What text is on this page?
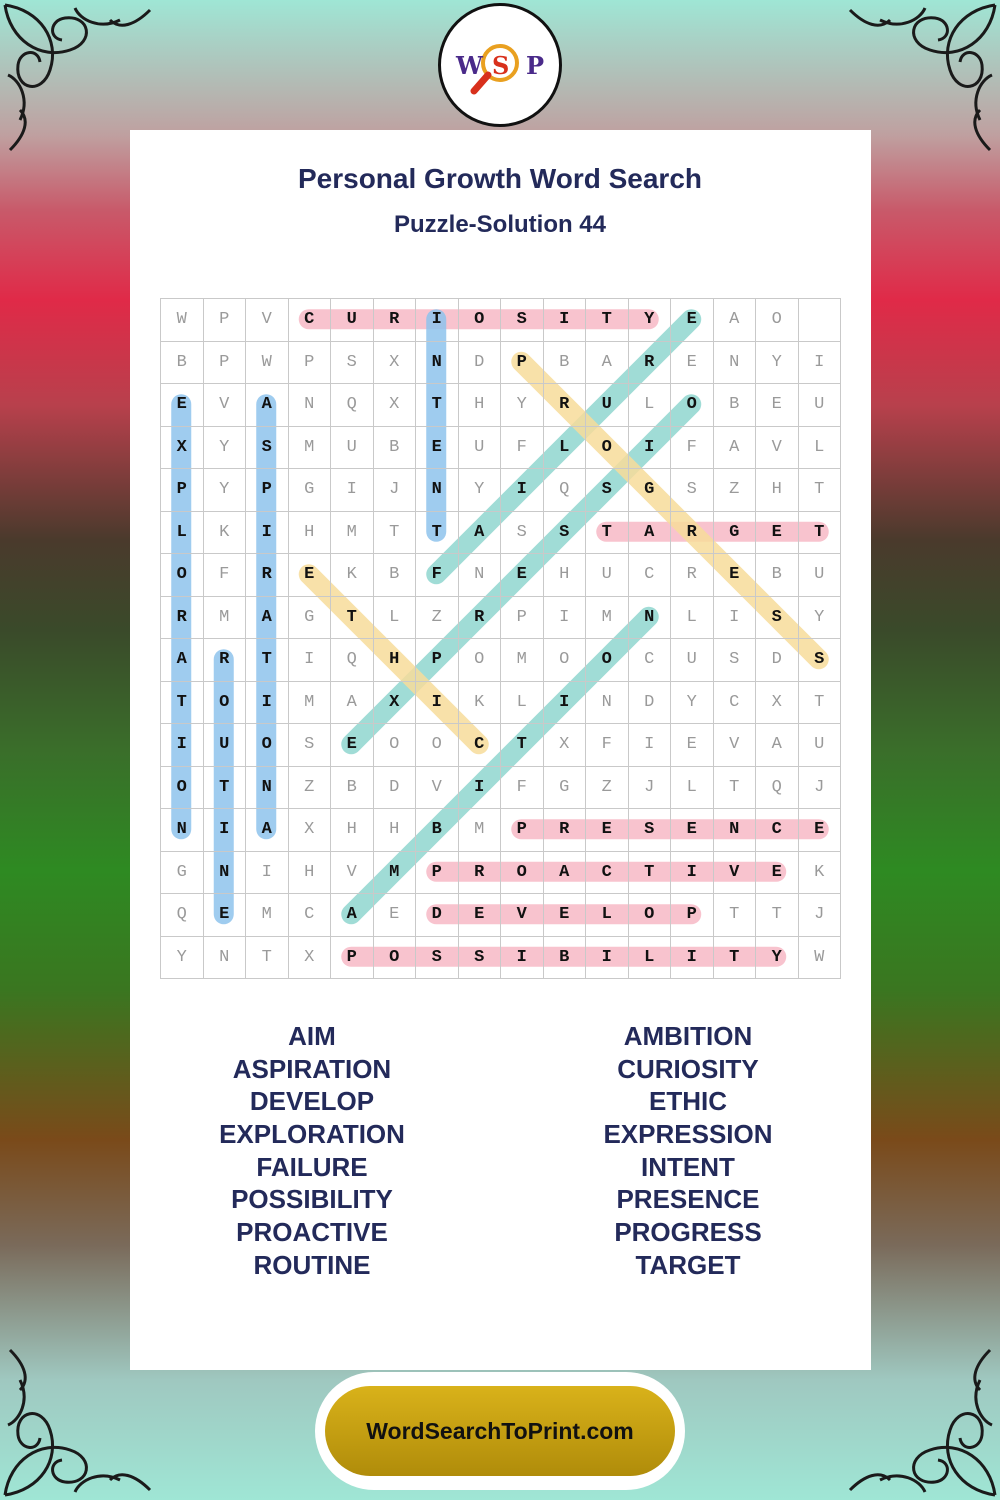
W S P
Personal Growth Word Search
Puzzle-Solution 44
W	P	V	C	U	R	I	O	S	I	T	Y	E	A	O	
B	P	W	P	S	X	N	D	P	B	A	R	E	N	Y	I
E	V	A	N	Q	X	T	H	Y	R	U	L	O	B	E	U
X	Y	S	M	U	B	E	U	F	L	O	I	F	A	V	L
P	Y	P	G	I	J	N	Y	I	Q	S	G	S	Z	H	T
L	K	I	H	M	T	T	A	S	S	T	A	R	G	E	T
O	F	R	E	K	B	F	N	E	H	U	C	R	E	B	U
R	M	A	G	T	L	Z	R	P	I	M	N	L	I	S	Y
A	R	T	I	Q	H	P	O	M	O	O	C	U	S	D	S
T	O	I	M	A	X	I	K	L	I	N	D	Y	C	X	T
I	U	O	S	E	O	O	C	T	X	F	I	E	V	A	U
O	T	N	Z	B	D	V	I	F	G	Z	J	L	T	Q	J
N	I	A	X	H	H	B	M	P	R	E	S	E	N	C	E
G	N	I	H	V	M	P	R	O	A	C	T	I	V	E	K
Q	E	M	C	A	E	D	E	V	E	L	O	P	T	T	J
Y	N	T	X	P	O	S	S	I	B	I	L	I	T	Y	W
AIM
ASPIRATION
DEVELOP
EXPLORATION
FAILURE
POSSIBILITY
PROACTIVE
ROUTINE
AMBITION
CURIOSITY
ETHIC
EXPRESSION
INTENT
PRESENCE
PROGRESS
TARGET
WordSearchToPrint.com
